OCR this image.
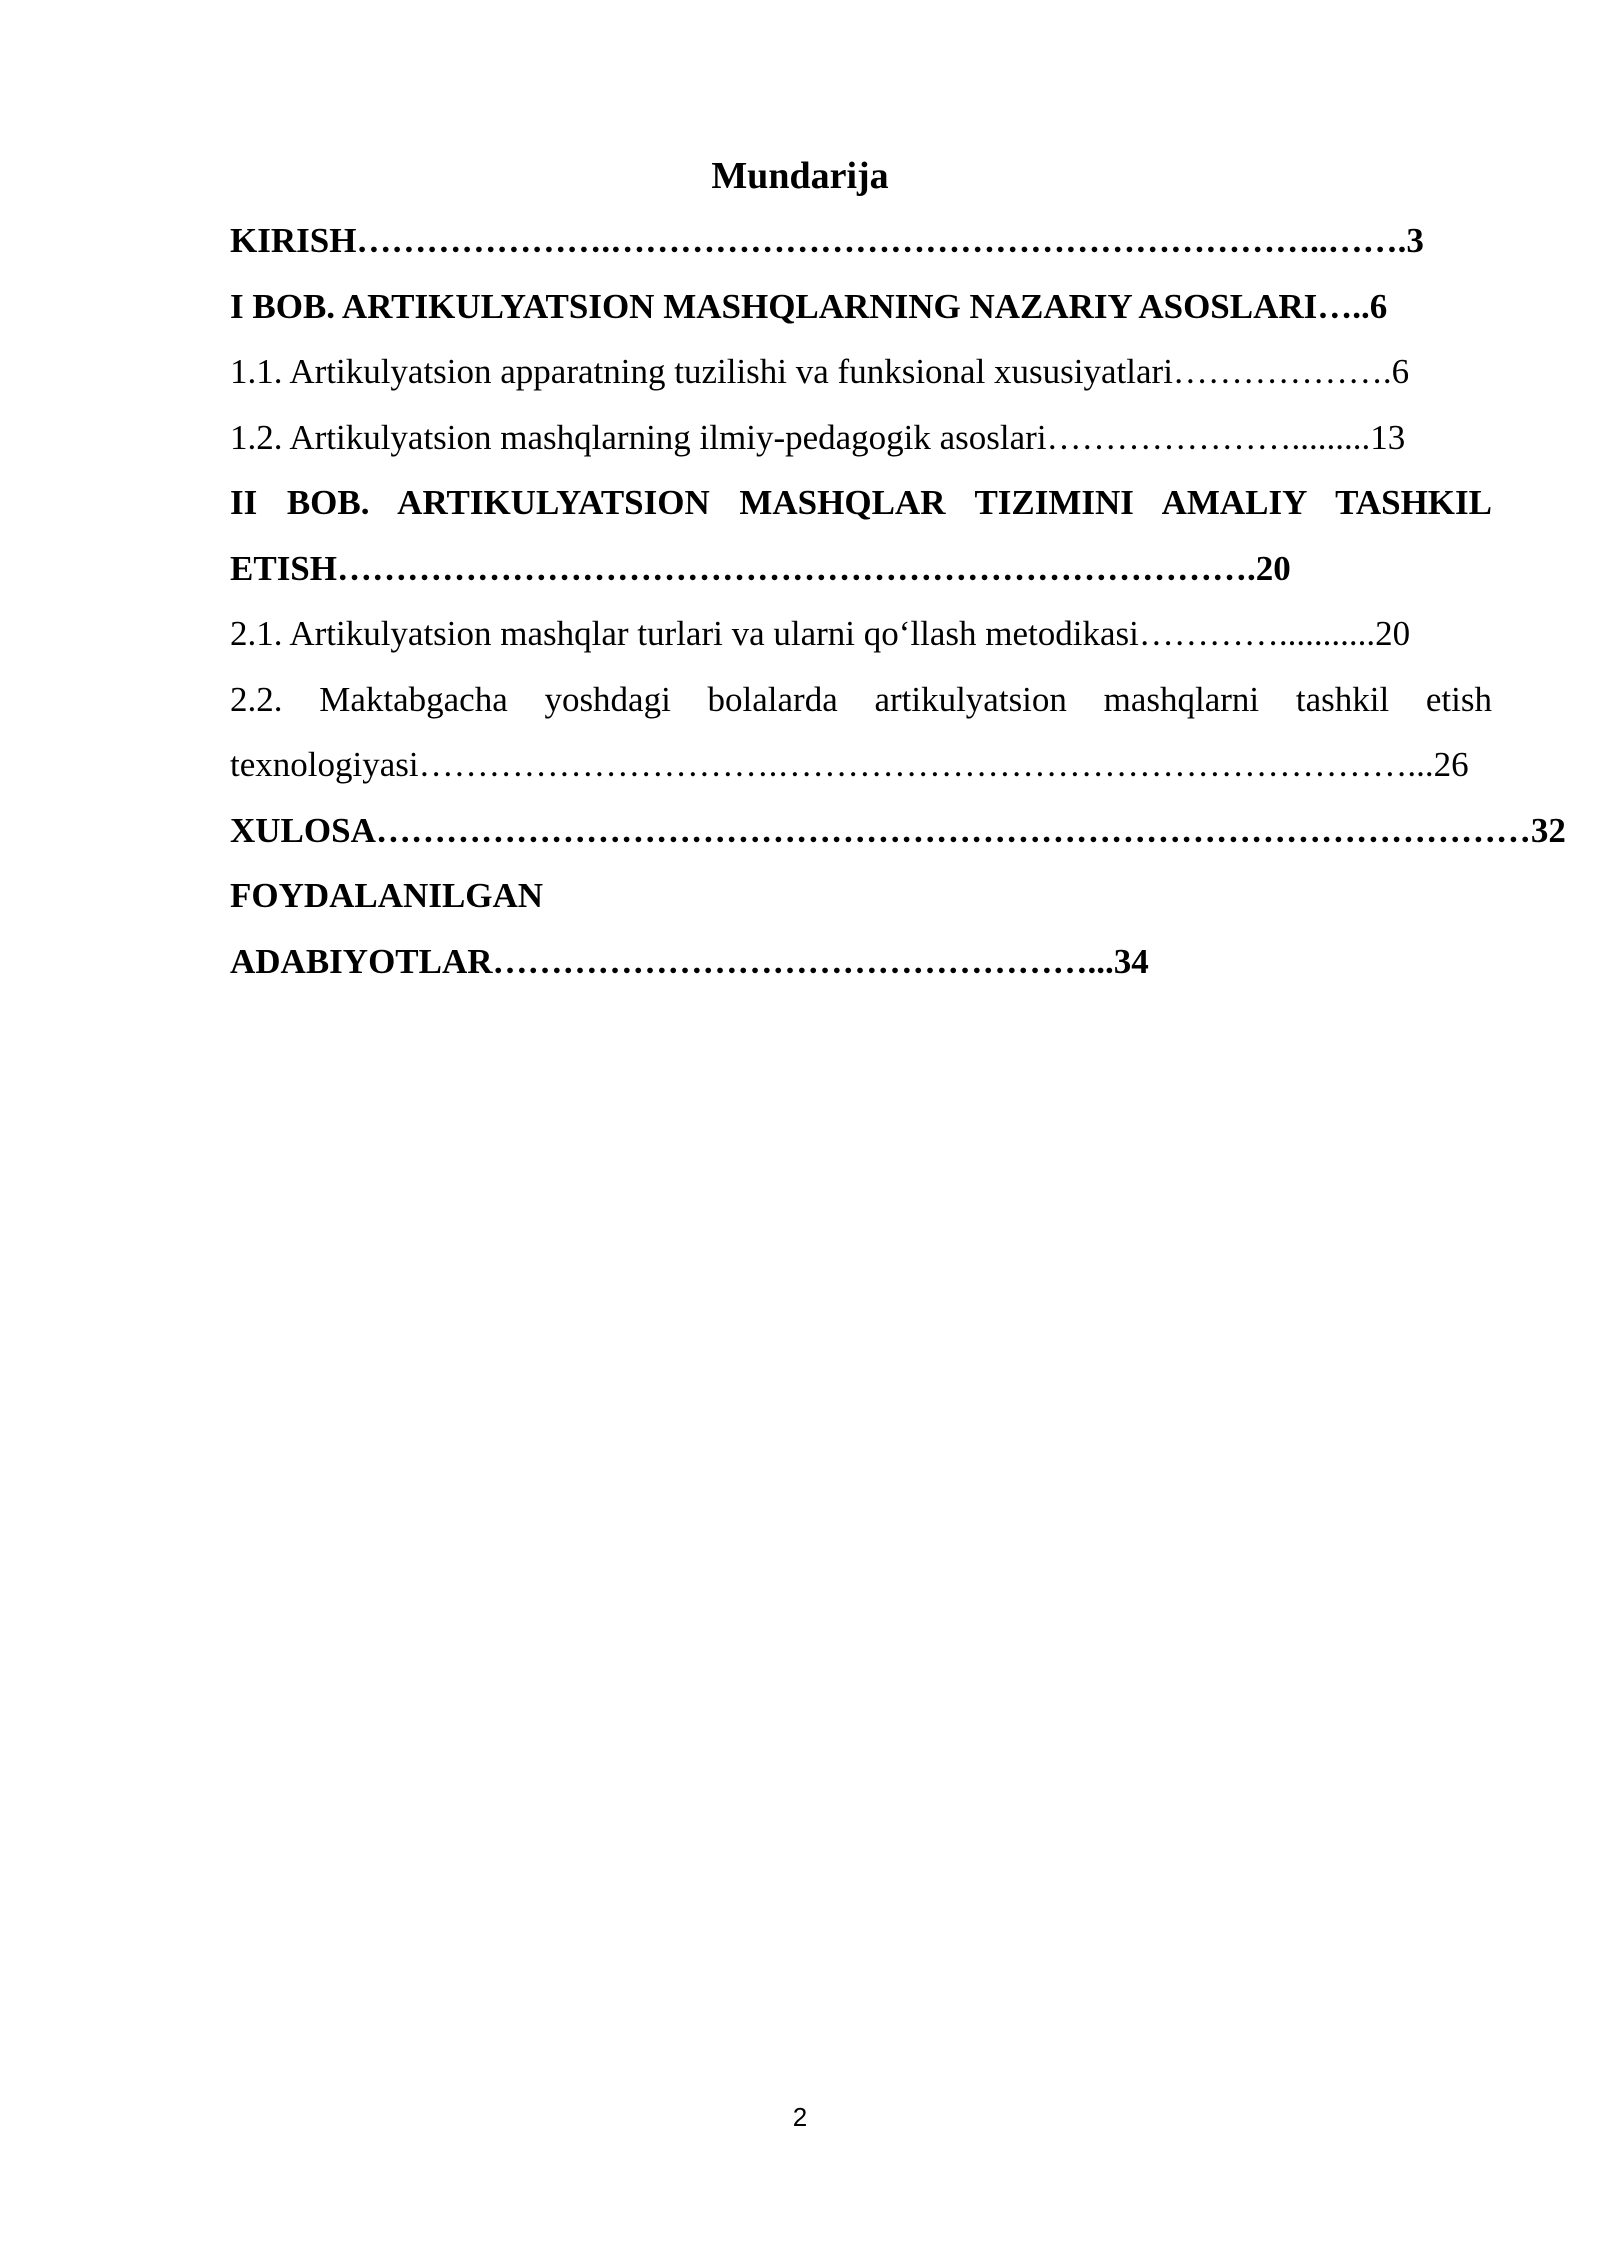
Mundarija

KIRISH………………….……………………………………………………..…….3

I BOB. ARTIKULYATSION MASHQLARNING NAZARIY ASOSLARI…..6

1.1. Artikulyatsion apparatning tuzilishi va funksional xususiyatlari……………….6

1.2. Artikulyatsion mashqlarning ilmiy-pedagogik asoslari………………….........13

II BOB. ARTIKULYATSION MASHQLAR TIZIMINI AMALIY TASHKIL ETISH…………………………………………………………………….20

2.1. Artikulyatsion mashqlar turlari va ularni qo‘llash metodikasi…………...........20

2.2. Maktabgacha yoshdagi bolalarda artikulyatsion mashqlarni tashkil etish texnologiyasi………………………….………………………………………………...26

XULOSA………………………………………………………………………………………32

FOYDALANILGAN ADABIYOTLAR……………………………………………...34

2
